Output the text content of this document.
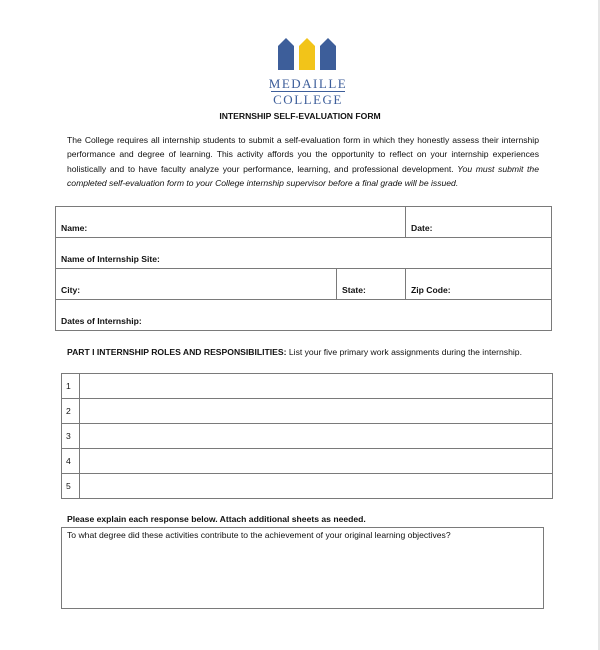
MEDAILLE
COLLEGE
INTERNSHIP SELF-EVALUATION FORM
The College requires all internship students to submit a self-evaluation form in which they honestly assess their internship performance and degree of learning. This activity affords you the opportunity to reflect on your internship experiences holistically and to have faculty analyze your performance, learning, and professional development. You must submit the completed self-evaluation form to your College internship supervisor before a final grade will be issued.
Name:		Date:
Name of Internship Site:		
City:	State:	Zip Code:
Dates of Internship:		
PART I INTERNSHIP ROLES AND RESPONSIBILITIES: List your five primary work assignments during the internship.
1	
2	
3	
4	
5	
Please explain each response below. Attach additional sheets as needed.
To what degree did these activities contribute to the achievement of your original learning objectives?
